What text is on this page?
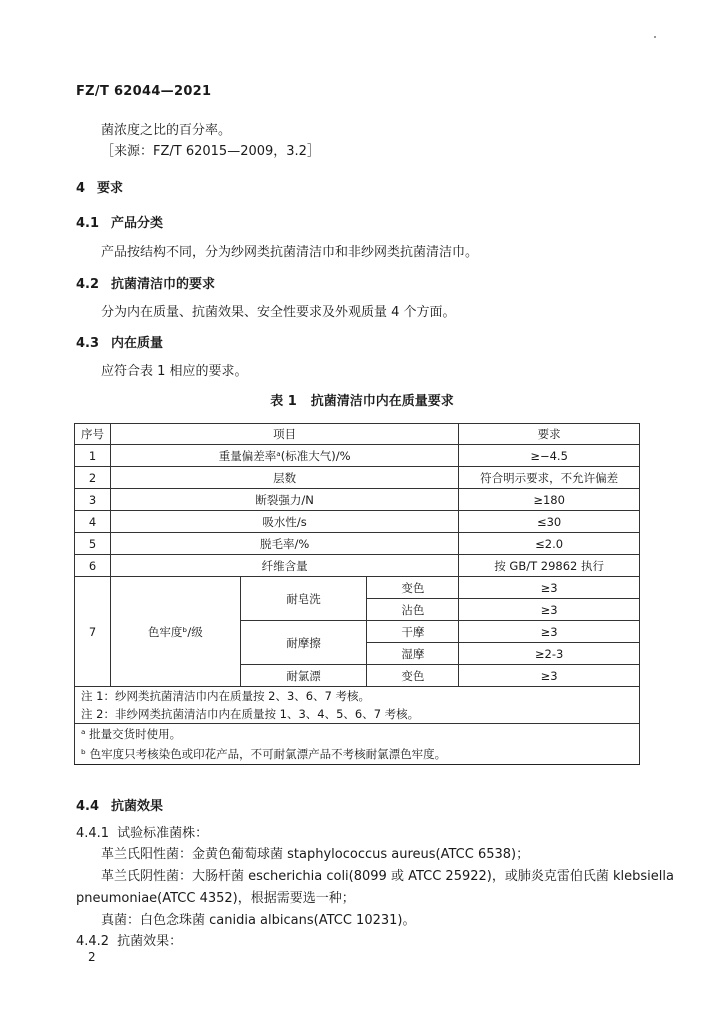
FZ/T 62044—2021
菌浓度之比的百分率。
［来源：FZ/T 62015—2009，3.2］
4 要求
4.1 产品分类
产品按结构不同，分为纱网类抗菌清洁巾和非纱网类抗菌清洁巾。
4.2 抗菌清洁巾的要求
分为内在质量、抗菌效果、安全性要求及外观质量 4 个方面。
4.3 内在质量
应符合表 1 相应的要求。
表 1 抗菌清洁巾内在质量要求
序号	项目			要求
1	重量偏差率ᵃ(标准大气)/%			≥−4.5
2	层数			符合明示要求，不允许偏差
3	断裂强力/N			≥180
4	吸水性/s			≤30
5	脱毛率/%			≤2.0
6	纤维含量			按 GB/T 29862 执行
7	色牢度ᵇ/级	耐皂洗	变色	≥3
			沾色	≥3
		耐摩擦	干摩	≥3
			湿摩	≥2-3
		耐氯漂	变色	≥3
注 1：纱网类抗菌清洁巾内在质量按 2、3、6、7 考核。				
注 2：非纱网类抗菌清洁巾内在质量按 1、3、4、5、6、7 考核。				
ᵃ 批量交货时使用。				
ᵇ 色牢度只考核染色或印花产品，不可耐氯漂产品不考核耐氯漂色牢度。				
4.4 抗菌效果
4.4.1 试验标准菌株：
革兰氏阳性菌：金黄色葡萄球菌 staphylococcus aureus(ATCC 6538)；
革兰氏阴性菌：大肠杆菌 escherichia coli(8099 或 ATCC 25922)，或肺炎克雷伯氏菌 klebsiella
pneumoniae(ATCC 4352)，根据需要选一种；
真菌：白色念珠菌 canidia albicans(ATCC 10231)。
4.4.2 抗菌效果：
2
